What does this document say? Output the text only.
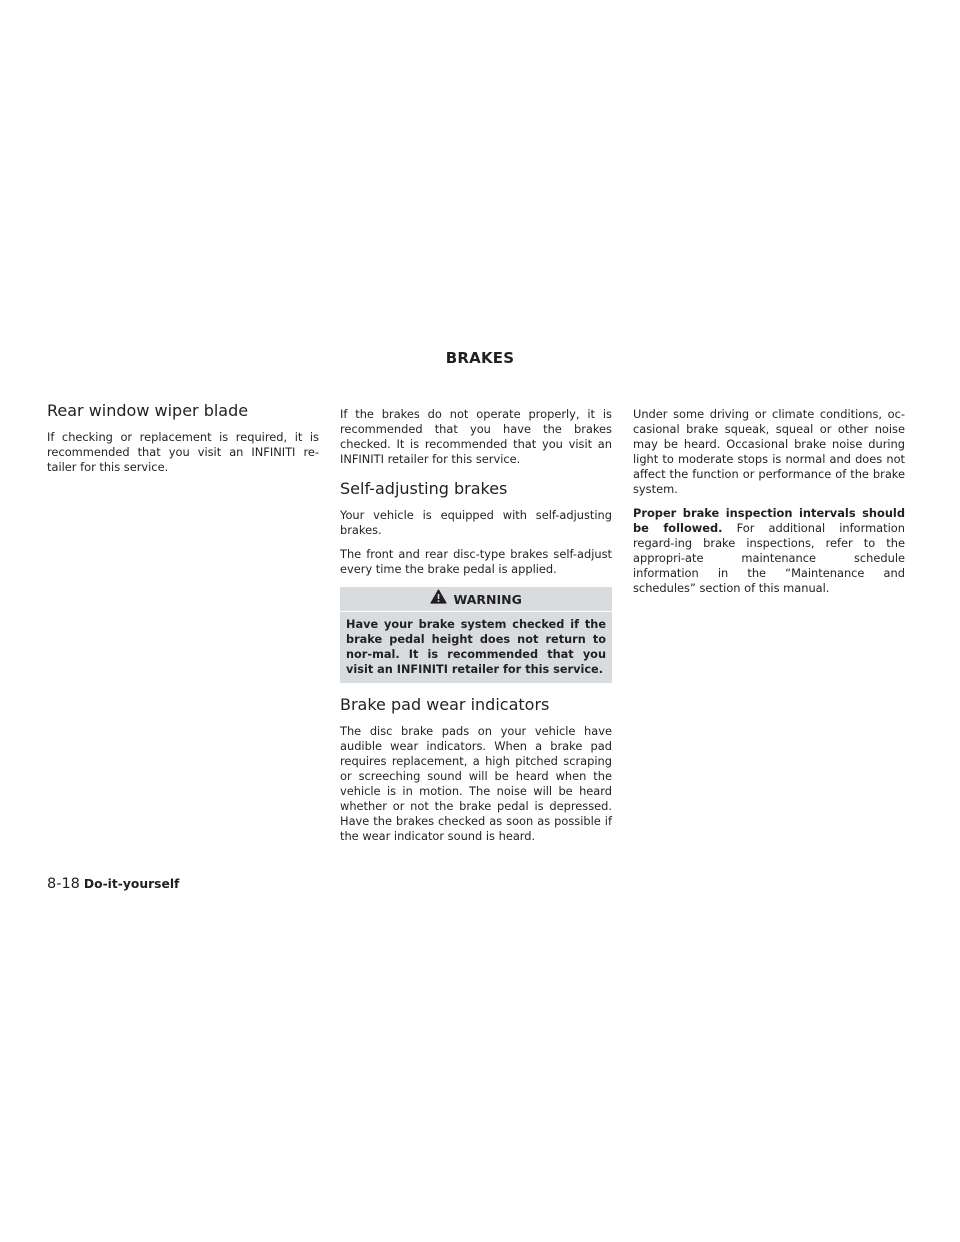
BRAKES
Rear window wiper blade

If checking or replacement is required, it is recommended that you visit an INFINITI re-tailer for this service.

If the brakes do not operate properly, it is recommended that you have the brakes checked. It is recommended that you visit an INFINITI retailer for this service.

Self-adjusting brakes

Your vehicle is equipped with self-adjusting brakes.

The front and rear disc-type brakes self-adjust every time the brake pedal is applied.

WARNING
Have your brake system checked if the brake pedal height does not return to nor-mal. It is recommended that you visit an INFINITI retailer for this service.
Brake pad wear indicators

The disc brake pads on your vehicle have audible wear indicators. When a brake pad requires replacement, a high pitched scraping or screeching sound will be heard when the vehicle is in motion. The noise will be heard whether or not the brake pedal is depressed. Have the brakes checked as soon as possible if the wear indicator sound is heard.

Under some driving or climate conditions, oc-casional brake squeak, squeal or other noise may be heard. Occasional brake noise during light to moderate stops is normal and does not affect the function or performance of the brake system.

Proper brake inspection intervals should be followed. For additional information regard-ing brake inspections, refer to the appropri-ate maintenance schedule information in the “Maintenance and schedules” section of this manual.

8-18 Do-it-yourself
